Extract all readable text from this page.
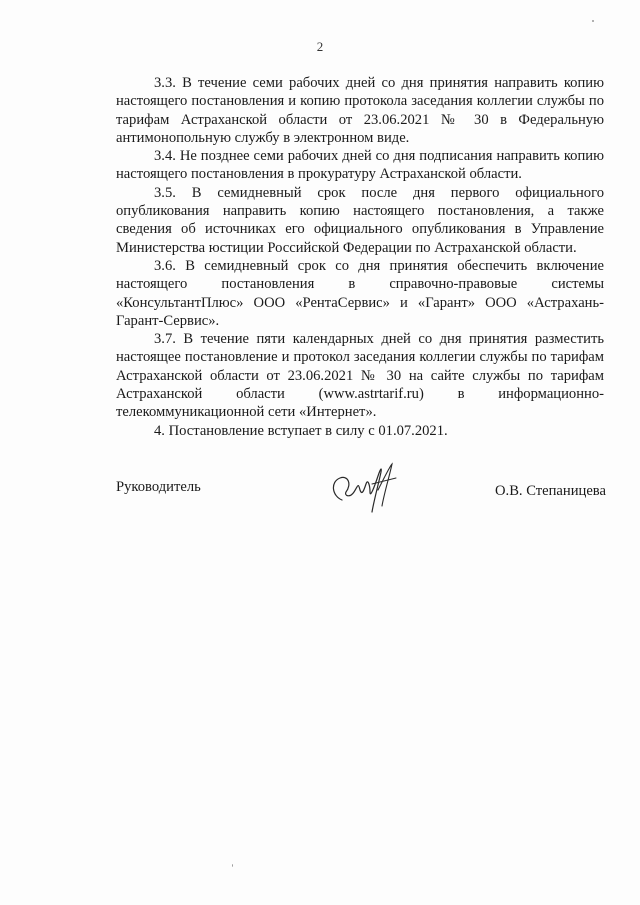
2

3.3. В течение семи рабочих дней со дня принятия направить копию настоящего постановления и копию протокола заседания коллегии службы по тарифам Астраханской области от 23.06.2021 № 30 в Федеральную антимонопольную службу в электронном виде.

3.4. Не позднее семи рабочих дней со дня подписания направить копию настоящего постановления в прокуратуру Астраханской области.

3.5. В семидневный срок после дня первого официального опубликования направить копию настоящего постановления, а также сведения об источниках его официального опубликования в Управление Министерства юстиции Российской Федерации по Астраханской области.

3.6. В семидневный срок со дня принятия обеспечить включение настоящего постановления в справочно-правовые системы «КонсультантПлюс» ООО «РентаСервис» и «Гарант» ООО «Астрахань-Гарант-Сервис».

3.7. В течение пяти календарных дней со дня принятия разместить настоящее постановление и протокол заседания коллегии службы по тарифам Астраханской области от 23.06.2021 № 30 на сайте службы по тарифам Астраханской области (www.astrtarif.ru) в информационно-телекоммуникационной сети «Интернет».

4. Постановление вступает в силу с 01.07.2021.

Руководитель	О.В. Степаницева
